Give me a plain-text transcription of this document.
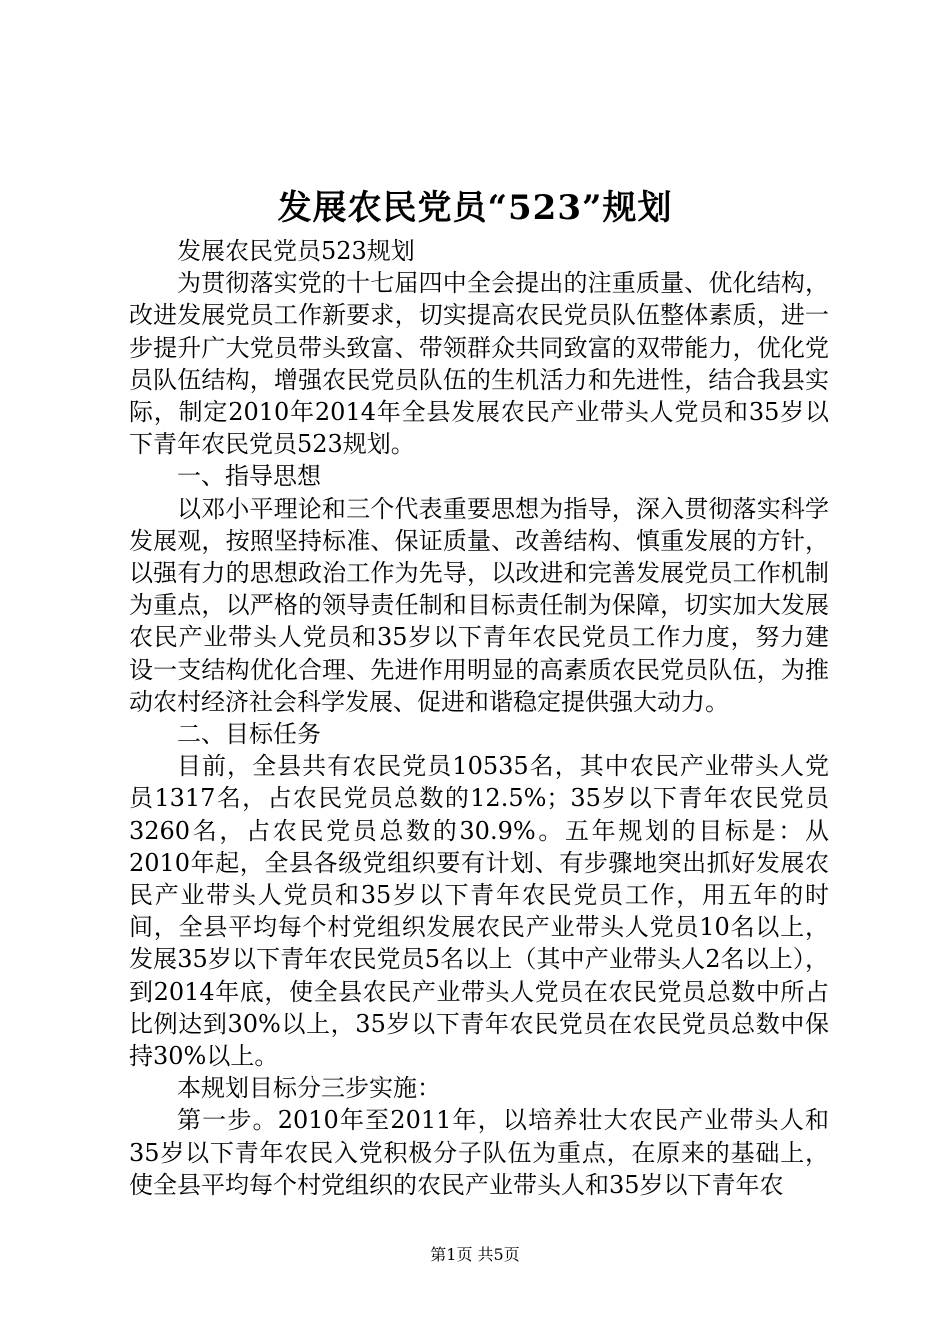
发展农民党员“523”规划

发展农民党员523规划

为贯彻落实党的十七届四中全会提出的注重质量、优化结构，改进发展党员工作新要求，切实提高农民党员队伍整体素质，进一步提升广大党员带头致富、带领群众共同致富的双带能力，优化党员队伍结构，增强农民党员队伍的生机活力和先进性，结合我县实际，制定2010年2014年全县发展农民产业带头人党员和35岁以下青年农民党员523规划。

一、指导思想

以邓小平理论和三个代表重要思想为指导，深入贯彻落实科学发展观，按照坚持标准、保证质量、改善结构、慎重发展的方针，以强有力的思想政治工作为先导，以改进和完善发展党员工作机制为重点，以严格的领导责任制和目标责任制为保障，切实加大发展农民产业带头人党员和35岁以下青年农民党员工作力度，努力建设一支结构优化合理、先进作用明显的高素质农民党员队伍，为推动农村经济社会科学发展、促进和谐稳定提供强大动力。

二、目标任务

目前，全县共有农民党员10535名，其中农民产业带头人党员1317名，占农民党员总数的12.5%；35岁以下青年农民党员3260名，占农民党员总数的30.9%。五年规划的目标是：从2010年起，全县各级党组织要有计划、有步骤地突出抓好发展农民产业带头人党员和35岁以下青年农民党员工作，用五年的时间，全县平均每个村党组织发展农民产业带头人党员10名以上，发展35岁以下青年农民党员5名以上（其中产业带头人2名以上），到2014年底，使全县农民产业带头人党员在农民党员总数中所占比例达到30%以上，35岁以下青年农民党员在农民党员总数中保持30%以上。

本规划目标分三步实施：

第一步。2010年至2011年，以培养壮大农民产业带头人和35岁以下青年农民入党积极分子队伍为重点，在原来的基础上，使全县平均每个村党组织的农民产业带头人和35岁以下青年农

第1页 共5页
